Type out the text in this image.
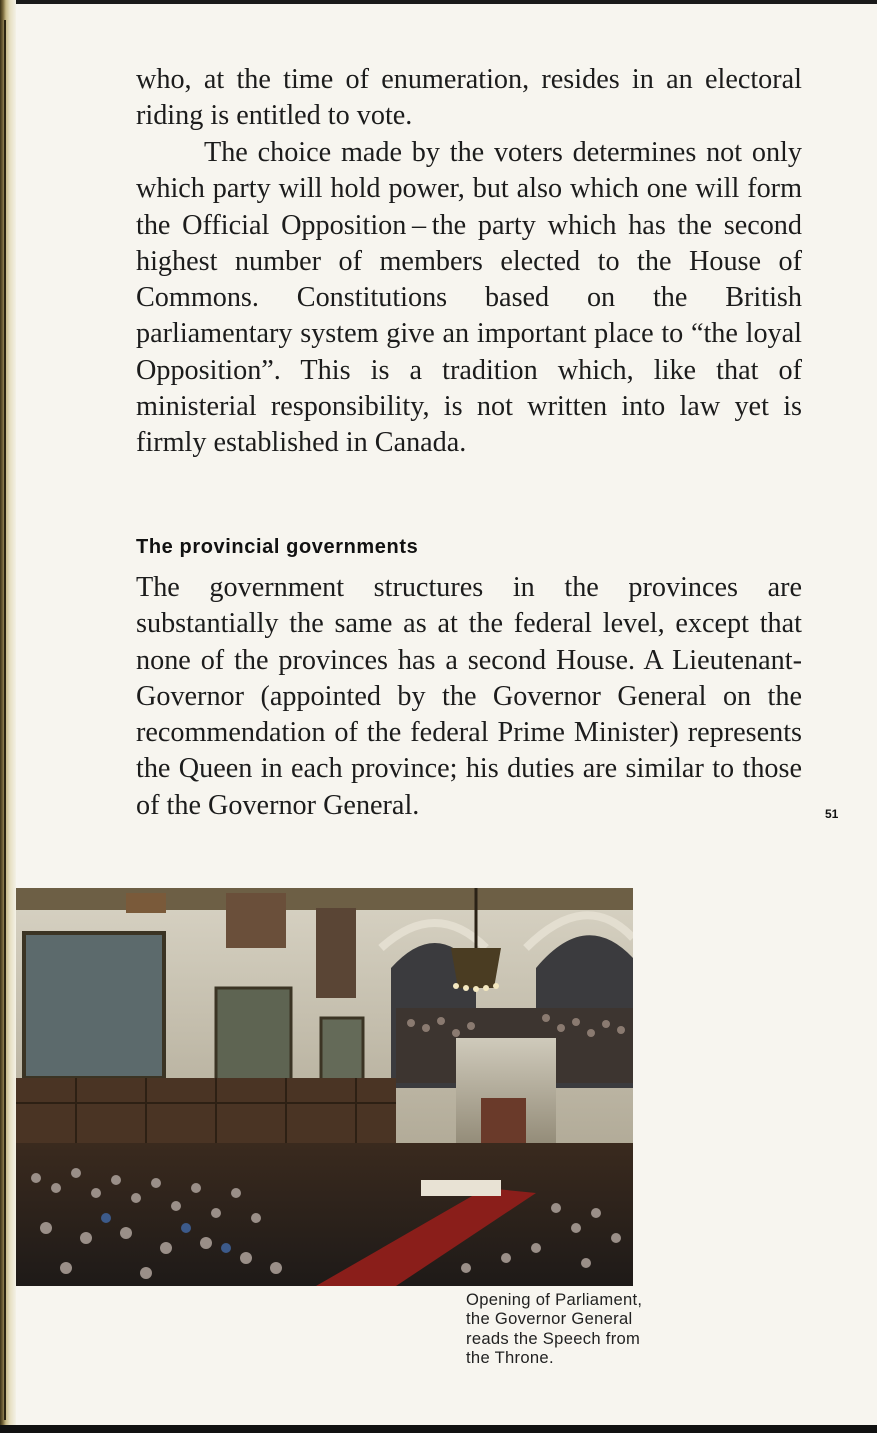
who, at the time of enumeration, resides in an electoral riding is entitled to vote.

The choice made by the voters determines not only which party will hold power, but also which one will form the Official Opposition – the party which has the second highest number of members elected to the House of Commons. Constitutions based on the British parliamentary system give an important place to “the loyal Opposition”. This is a tradition which, like that of ministerial responsibility, is not written into law yet is firmly established in Canada.

The provincial governments

The government structures in the provinces are substantially the same as at the federal level, except that none of the provinces has a second House. A Lieutenant-Governor (appointed by the Governor General on the recommendation of the federal Prime Minister) represents the Queen in each province; his duties are similar to those of the Governor General.	51

Opening of Parliament,
the Governor General
reads the Speech from
the Throne.
